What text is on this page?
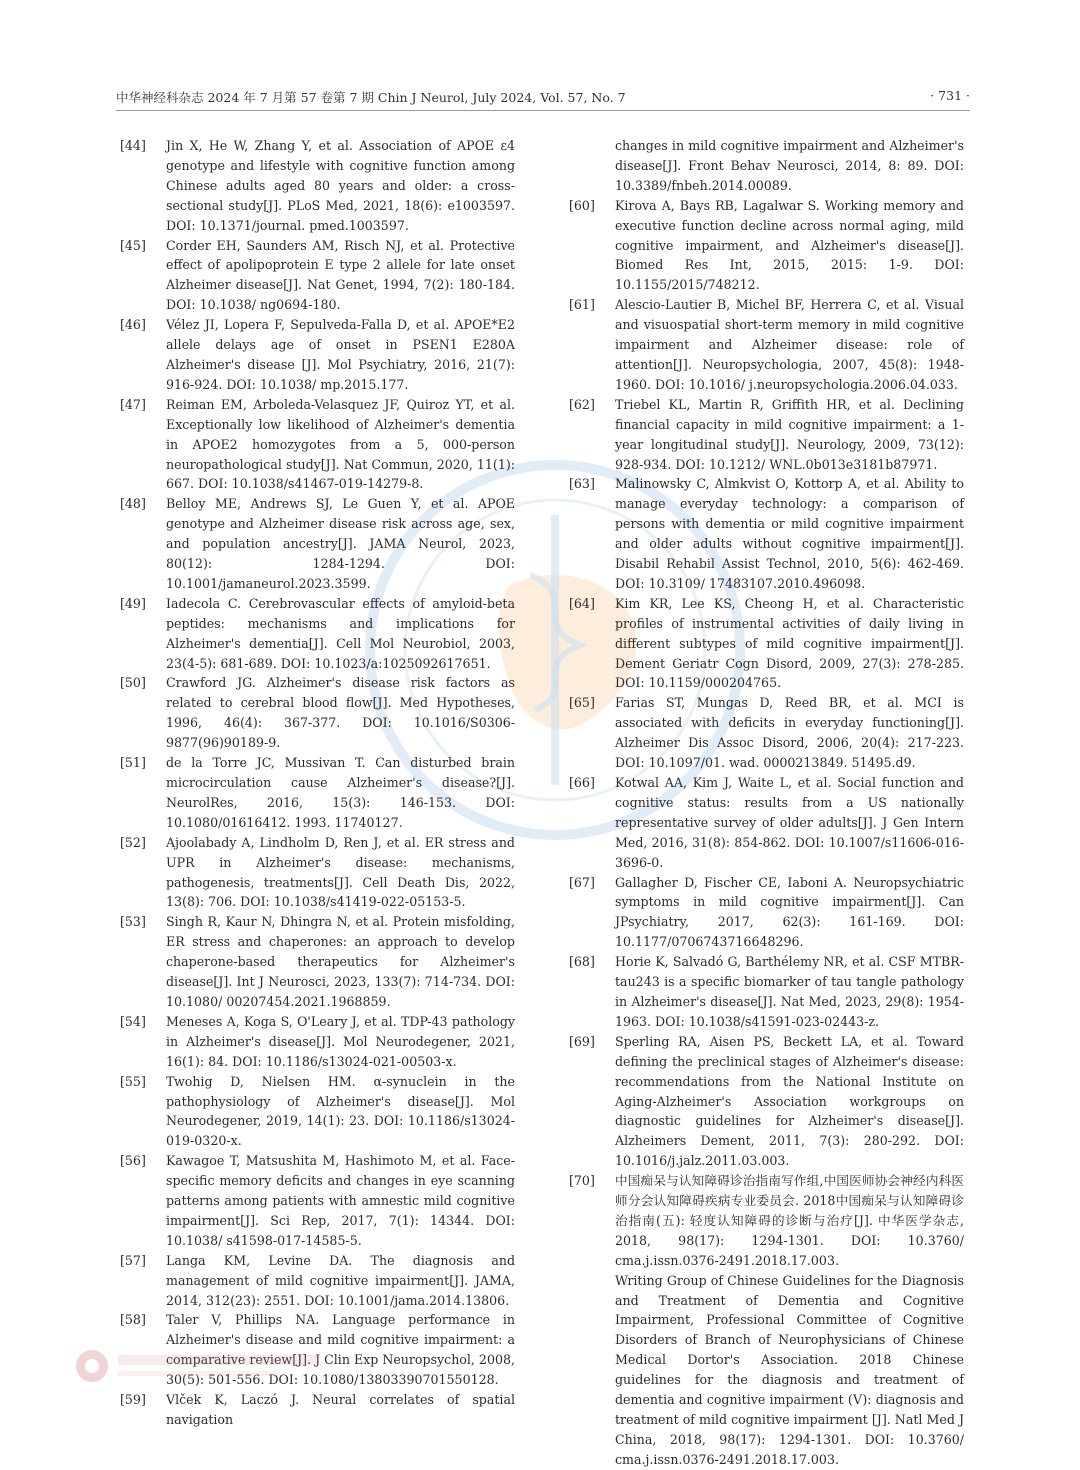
中华神经科杂志 2024 年 7 月第 57 卷第 7 期 Chin J Neurol, July 2024, Vol. 57, No. 7	· 731 ·
[44] Jin X, He W, Zhang Y, et al. Association of APOE ε4 genotype and lifestyle with cognitive function among Chinese adults aged 80 years and older: a cross-sectional study[J]. PLoS Med, 2021, 18(6): e1003597. DOI: 10.1371/journal. pmed.1003597.
[45] Corder EH, Saunders AM, Risch NJ, et al. Protective effect of apolipoprotein E type 2 allele for late onset Alzheimer disease[J]. Nat Genet, 1994, 7(2): 180-184. DOI: 10.1038/ ng0694-180.
[46] Vélez JI, Lopera F, Sepulveda-Falla D, et al. APOE*E2 allele delays age of onset in PSEN1 E280A Alzheimer's disease [J]. Mol Psychiatry, 2016, 21(7): 916-924. DOI: 10.1038/ mp.2015.177.
[47] Reiman EM, Arboleda-Velasquez JF, Quiroz YT, et al. Exceptionally low likelihood of Alzheimer's dementia in APOE2 homozygotes from a 5, 000-person neuropathological study[J]. Nat Commun, 2020, 11(1): 667. DOI: 10.1038/s41467-019-14279-8.
[48] Belloy ME, Andrews SJ, Le Guen Y, et al. APOE genotype and Alzheimer disease risk across age, sex, and population ancestry[J]. JAMA Neurol, 2023, 80(12): 1284-1294. DOI: 10.1001/jamaneurol.2023.3599.
[49] Iadecola C. Cerebrovascular effects of amyloid-beta peptides: mechanisms and implications for Alzheimer's dementia[J]. Cell Mol Neurobiol, 2003, 23(4-5): 681-689. DOI: 10.1023/a:1025092617651.
[50] Crawford JG. Alzheimer's disease risk factors as related to cerebral blood flow[J]. Med Hypotheses, 1996, 46(4): 367-377. DOI: 10.1016/S0306-9877(96)90189-9.
[51] de la Torre JC, Mussivan T. Can disturbed brain microcirculation cause Alzheimer's disease?[J]. NeurolRes, 2016, 15(3): 146-153. DOI: 10.1080/01616412. 1993. 11740127.
[52] Ajoolabady A, Lindholm D, Ren J, et al. ER stress and UPR in Alzheimer's disease: mechanisms, pathogenesis, treatments[J]. Cell Death Dis, 2022, 13(8): 706. DOI: 10.1038/s41419-022-05153-5.
[53] Singh R, Kaur N, Dhingra N, et al. Protein misfolding, ER stress and chaperones: an approach to develop chaperone-based therapeutics for Alzheimer's disease[J]. Int J Neurosci, 2023, 133(7): 714-734. DOI: 10.1080/ 00207454.2021.1968859.
[54] Meneses A, Koga S, O'Leary J, et al. TDP-43 pathology in Alzheimer's disease[J]. Mol Neurodegener, 2021, 16(1): 84. DOI: 10.1186/s13024-021-00503-x.
[55] Twohig D, Nielsen HM. α-synuclein in the pathophysiology of Alzheimer's disease[J]. Mol Neurodegener, 2019, 14(1): 23. DOI: 10.1186/s13024-019-0320-x.
[56] Kawagoe T, Matsushita M, Hashimoto M, et al. Face-specific memory deficits and changes in eye scanning patterns among patients with amnestic mild cognitive impairment[J]. Sci Rep, 2017, 7(1): 14344. DOI: 10.1038/ s41598-017-14585-5.
[57] Langa KM, Levine DA. The diagnosis and management of mild cognitive impairment[J]. JAMA, 2014, 312(23): 2551. DOI: 10.1001/jama.2014.13806.
[58] Taler V, Phillips NA. Language performance in Alzheimer's disease and mild cognitive impairment: a comparative review[J]. J Clin Exp Neuropsychol, 2008, 30(5): 501-556. DOI: 10.1080/13803390701550128.
[59] Vlček K, Laczó J. Neural correlates of spatial navigation
changes in mild cognitive impairment and Alzheimer's disease[J]. Front Behav Neurosci, 2014, 8: 89. DOI: 10.3389/fnbeh.2014.00089.
[60] Kirova A, Bays RB, Lagalwar S. Working memory and executive function decline across normal aging, mild cognitive impairment, and Alzheimer's disease[J]. Biomed Res Int, 2015, 2015: 1-9. DOI: 10.1155/2015/748212.
[61] Alescio-Lautier B, Michel BF, Herrera C, et al. Visual and visuospatial short-term memory in mild cognitive impairment and Alzheimer disease: role of attention[J]. Neuropsychologia, 2007, 45(8): 1948-1960. DOI: 10.1016/ j.neuropsychologia.2006.04.033.
[62] Triebel KL, Martin R, Griffith HR, et al. Declining financial capacity in mild cognitive impairment: a 1-year longitudinal study[J]. Neurology, 2009, 73(12): 928-934. DOI: 10.1212/ WNL.0b013e3181b87971.
[63] Malinowsky C, Almkvist O, Kottorp A, et al. Ability to manage everyday technology: a comparison of persons with dementia or mild cognitive impairment and older adults without cognitive impairment[J]. Disabil Rehabil Assist Technol, 2010, 5(6): 462-469. DOI: 10.3109/ 17483107.2010.496098.
[64] Kim KR, Lee KS, Cheong H, et al. Characteristic profiles of instrumental activities of daily living in different subtypes of mild cognitive impairment[J]. Dement Geriatr Cogn Disord, 2009, 27(3): 278-285. DOI: 10.1159/000204765.
[65] Farias ST, Mungas D, Reed BR, et al. MCI is associated with deficits in everyday functioning[J]. Alzheimer Dis Assoc Disord, 2006, 20(4): 217-223. DOI: 10.1097/01. wad. 0000213849. 51495.d9.
[66] Kotwal AA, Kim J, Waite L, et al. Social function and cognitive status: results from a US nationally representative survey of older adults[J]. J Gen Intern Med, 2016, 31(8): 854-862. DOI: 10.1007/s11606-016-3696-0.
[67] Gallagher D, Fischer CE, Iaboni A. Neuropsychiatric symptoms in mild cognitive impairment[J]. Can JPsychiatry, 2017, 62(3): 161-169. DOI: 10.1177/0706743716648296.
[68] Horie K, Salvadó G, Barthélemy NR, et al. CSF MTBR-tau243 is a specific biomarker of tau tangle pathology in Alzheimer's disease[J]. Nat Med, 2023, 29(8): 1954-1963. DOI: 10.1038/s41591-023-02443-z.
[69] Sperling RA, Aisen PS, Beckett LA, et al. Toward defining the preclinical stages of Alzheimer's disease: recommendations from the National Institute on Aging-Alzheimer's Association workgroups on diagnostic guidelines for Alzheimer's disease[J]. Alzheimers Dement, 2011, 7(3): 280-292. DOI: 10.1016/j.jalz.2011.03.003.
[70] 中国痴呆与认知障碍诊治指南写作组,中国医师协会神经内科医师分会认知障碍疾病专业委员会. 2018中国痴呆与认知障碍诊治指南(五): 轻度认知障碍的诊断与治疗[J]. 中华医学杂志, 2018, 98(17): 1294-1301. DOI: 10.3760/ cma.j.issn.0376-2491.2018.17.003.
Writing Group of Chinese Guidelines for the Diagnosis and Treatment of Dementia and Cognitive Impairment, Professional Committee of Cognitive Disorders of Branch of Neurophysicians of Chinese Medical Dortor's Association. 2018 Chinese guidelines for the diagnosis and treatment of dementia and cognitive impairment (Ⅴ): diagnosis and treatment of mild cognitive impairment [J]. Natl Med J China, 2018, 98(17): 1294-1301. DOI: 10.3760/ cma.j.issn.0376-2491.2018.17.003.
